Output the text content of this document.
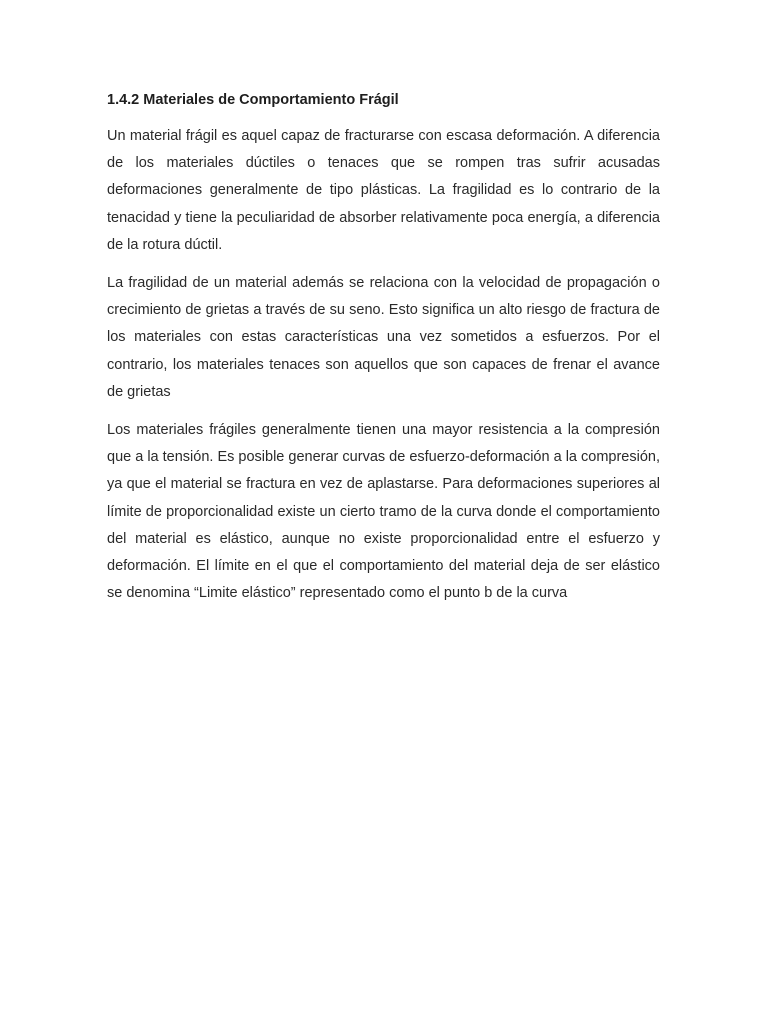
1.4.2 Materiales de Comportamiento Frágil

Un material frágil es aquel capaz de fracturarse con escasa deformación. A diferencia de los materiales dúctiles o tenaces que se rompen tras sufrir acusadas deformaciones generalmente de tipo plásticas. La fragilidad es lo contrario de la tenacidad y tiene la peculiaridad de absorber relativamente poca energía, a diferencia de la rotura dúctil.

La fragilidad de un material además se relaciona con la velocidad de propagación o crecimiento de grietas a través de su seno. Esto significa un alto riesgo de fractura de los materiales con estas características una vez sometidos a esfuerzos. Por el contrario, los materiales tenaces son aquellos que son capaces de frenar el avance de grietas

Los materiales frágiles generalmente tienen una mayor resistencia a la compresión que a la tensión. Es posible generar curvas de esfuerzo-deformación a la compresión, ya que el material se fractura en vez de aplastarse. Para deformaciones superiores al límite de proporcionalidad existe un cierto tramo de la curva donde el comportamiento del material es elástico, aunque no existe proporcionalidad entre el esfuerzo y deformación. El límite en el que el comportamiento del material deja de ser elástico se denomina “Limite elástico” representado como el punto b de la curva
